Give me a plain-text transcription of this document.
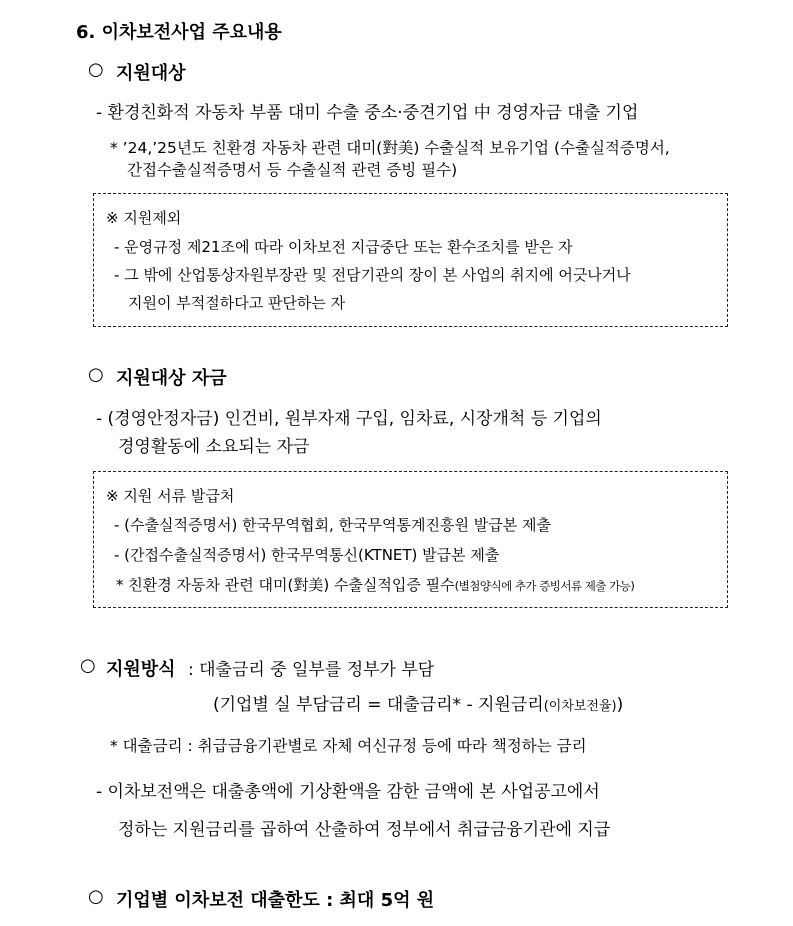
6. 이차보전사업 주요내용
○ 지원대상
- 환경친화적 자동차 부품 대미 수출 중소·중견기업 中 경영자금 대출 기업
* ’24,’25년도 친환경 자동차 관련 대미(對美) 수출실적 보유기업 (수출실적증명서,
간접수출실적증명서 등 수출실적 관련 증빙 필수)
※ 지원제외
- 운영규정 제21조에 따라 이차보전 지급중단 또는 환수조치를 받은 자
- 그 밖에 산업통상자원부장관 및 전담기관의 장이 본 사업의 취지에 어긋나거나
지원이 부적절하다고 판단하는 자
○ 지원대상 자금
- (경영안정자금) 인건비, 원부자재 구입, 임차료, 시장개척 등 기업의
경영활동에 소요되는 자금
※ 지원 서류 발급처
- (수출실적증명서) 한국무역협회, 한국무역통계진흥원 발급본 제출
- (간접수출실적증명서) 한국무역통신(KTNET) 발급본 제출
* 친환경 자동차 관련 대미(對美) 수출실적입증 필수(별첨양식에 추가 증빙서류 제출 가능)
○ 지원방식 : 대출금리 중 일부를 정부가 부담
(기업별 실 부담금리 = 대출금리* - 지원금리(이차보전율))
* 대출금리 : 취급금융기관별로 자체 여신규정 등에 따라 책정하는 금리
- 이차보전액은 대출총액에 기상환액을 감한 금액에 본 사업공고에서
정하는 지원금리를 곱하여 산출하여 정부에서 취급금융기관에 지급
○ 기업별 이차보전 대출한도 : 최대 5억 원
